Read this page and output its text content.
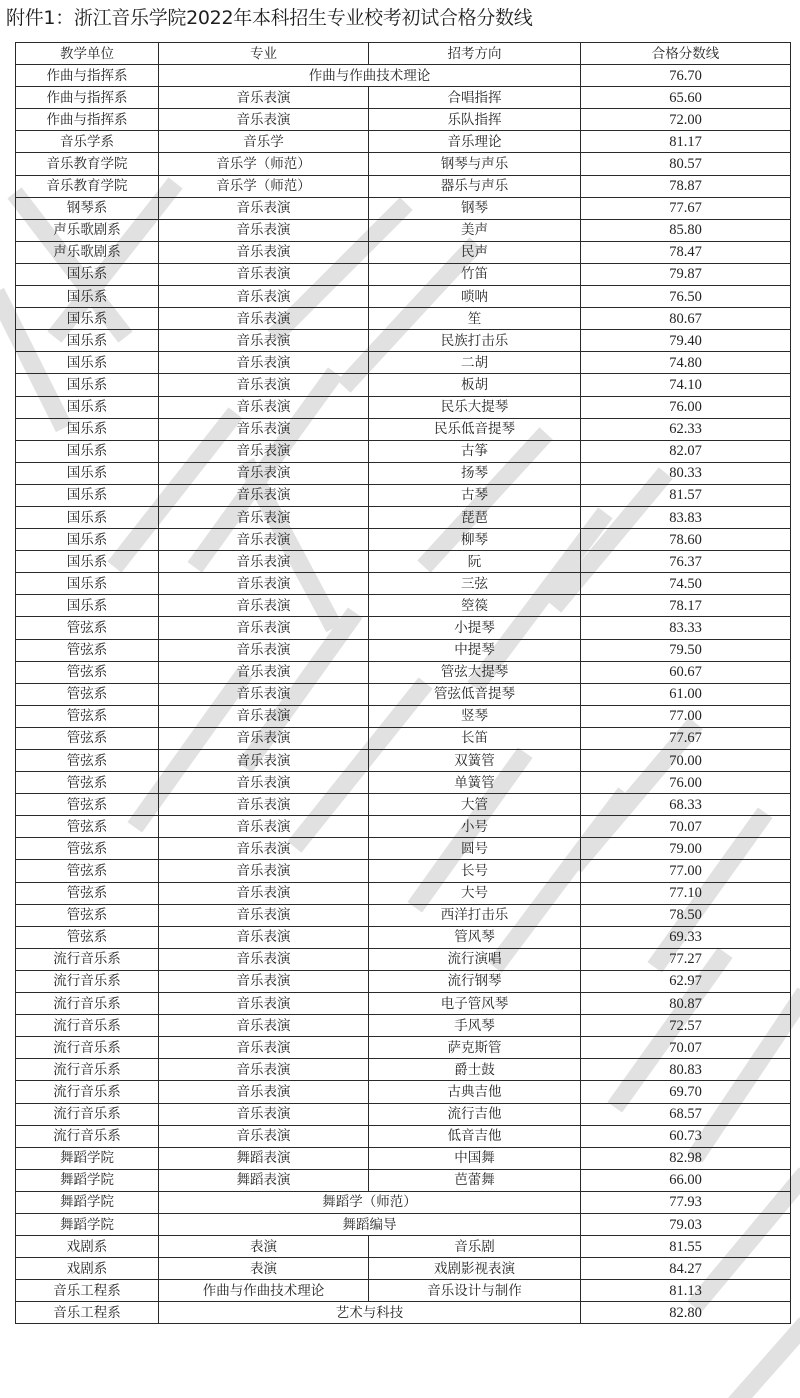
附件1：浙江音乐学院2022年本科招生专业校考初试合格分数线
教学单位	专业	招考方向	合格分数线
作曲与指挥系	作曲与作曲技术理论		76.70
作曲与指挥系	音乐表演	合唱指挥	65.60
作曲与指挥系	音乐表演	乐队指挥	72.00
音乐学系	音乐学	音乐理论	81.17
音乐教育学院	音乐学（师范）	钢琴与声乐	80.57
音乐教育学院	音乐学（师范）	器乐与声乐	78.87
钢琴系	音乐表演	钢琴	77.67
声乐歌剧系	音乐表演	美声	85.80
声乐歌剧系	音乐表演	民声	78.47
国乐系	音乐表演	竹笛	79.87
国乐系	音乐表演	唢呐	76.50
国乐系	音乐表演	笙	80.67
国乐系	音乐表演	民族打击乐	79.40
国乐系	音乐表演	二胡	74.80
国乐系	音乐表演	板胡	74.10
国乐系	音乐表演	民乐大提琴	76.00
国乐系	音乐表演	民乐低音提琴	62.33
国乐系	音乐表演	古筝	82.07
国乐系	音乐表演	扬琴	80.33
国乐系	音乐表演	古琴	81.57
国乐系	音乐表演	琵琶	83.83
国乐系	音乐表演	柳琴	78.60
国乐系	音乐表演	阮	76.37
国乐系	音乐表演	三弦	74.50
国乐系	音乐表演	箜篌	78.17
管弦系	音乐表演	小提琴	83.33
管弦系	音乐表演	中提琴	79.50
管弦系	音乐表演	管弦大提琴	60.67
管弦系	音乐表演	管弦低音提琴	61.00
管弦系	音乐表演	竖琴	77.00
管弦系	音乐表演	长笛	77.67
管弦系	音乐表演	双簧管	70.00
管弦系	音乐表演	单簧管	76.00
管弦系	音乐表演	大管	68.33
管弦系	音乐表演	小号	70.07
管弦系	音乐表演	圆号	79.00
管弦系	音乐表演	长号	77.00
管弦系	音乐表演	大号	77.10
管弦系	音乐表演	西洋打击乐	78.50
管弦系	音乐表演	管风琴	69.33
流行音乐系	音乐表演	流行演唱	77.27
流行音乐系	音乐表演	流行钢琴	62.97
流行音乐系	音乐表演	电子管风琴	80.87
流行音乐系	音乐表演	手风琴	72.57
流行音乐系	音乐表演	萨克斯管	70.07
流行音乐系	音乐表演	爵士鼓	80.83
流行音乐系	音乐表演	古典吉他	69.70
流行音乐系	音乐表演	流行吉他	68.57
流行音乐系	音乐表演	低音吉他	60.73
舞蹈学院	舞蹈表演	中国舞	82.98
舞蹈学院	舞蹈表演	芭蕾舞	66.00
舞蹈学院	舞蹈学（师范）		77.93
舞蹈学院	舞蹈编导		79.03
戏剧系	表演	音乐剧	81.55
戏剧系	表演	戏剧影视表演	84.27
音乐工程系	作曲与作曲技术理论	音乐设计与制作	81.13
音乐工程系	艺术与科技		82.80
